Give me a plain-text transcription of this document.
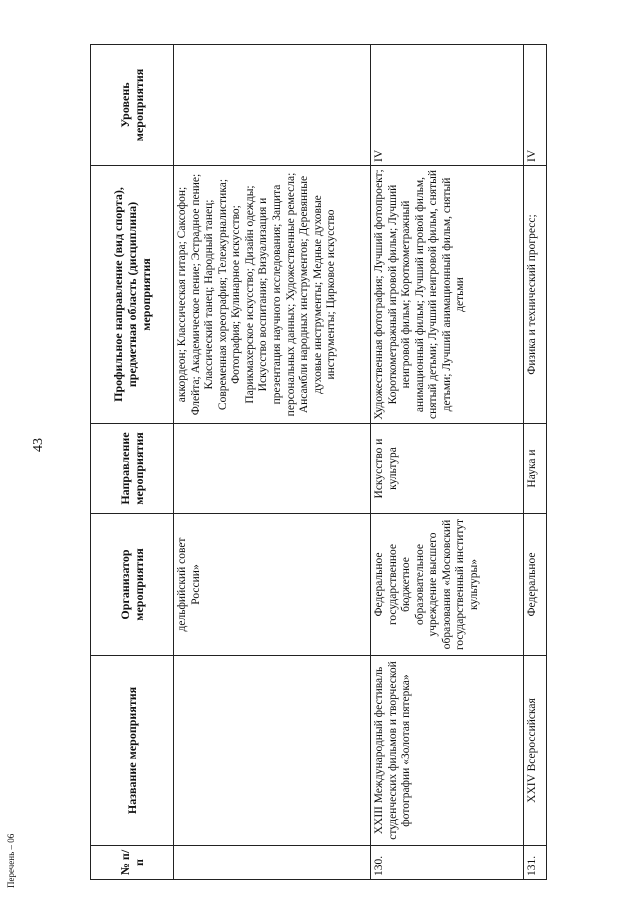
43
Перечень – 06	№ п/п	Название мероприятия	Организатор мероприятия	Направление мероприятия	Профильное направление (вид спорта), предметная область (дисциплина) мероприятия	Уровень мероприятия
		дельфийский совет России»		аккордеон; Классическая гитара; Саксофон; Флейта; Академическое пение; Эстрадное пение; Классический танец; Народный танец; Современная хореография; Тележурналистика; Фотография; Кулинарное искусство; Парикмахерское искусство; Дизайн одежды; Искусство воспитания; Визуализация и презентация научного исследования; Защита персональных данных; Художественные ремесла; Ансамбли народных инструментов; Деревянные духовые инструменты; Медные духовые инструменты; Цирковое искусство	
130.	XXIII Международный фестиваль студенческих фильмов и творческой фотографии «Золотая пятерка»	Федеральное государственное бюджетное образовательное учреждение высшего образования «Московский государственный институт культуры»	Искусство и культура	Художественная фотография; Лучший фотопроект; Короткометражный игровой фильм; Лучший неигровой фильм; Короткометражный анимационный фильм; Лучший игровой фильм, снятый детьми; Лучший неигровой фильм, снятый детьми; Лучший анимационный фильм, снятый детьми	IV
131.	XXIV Всероссийская	Федеральное	Наука и	Физика и технический прогресс;	IV
